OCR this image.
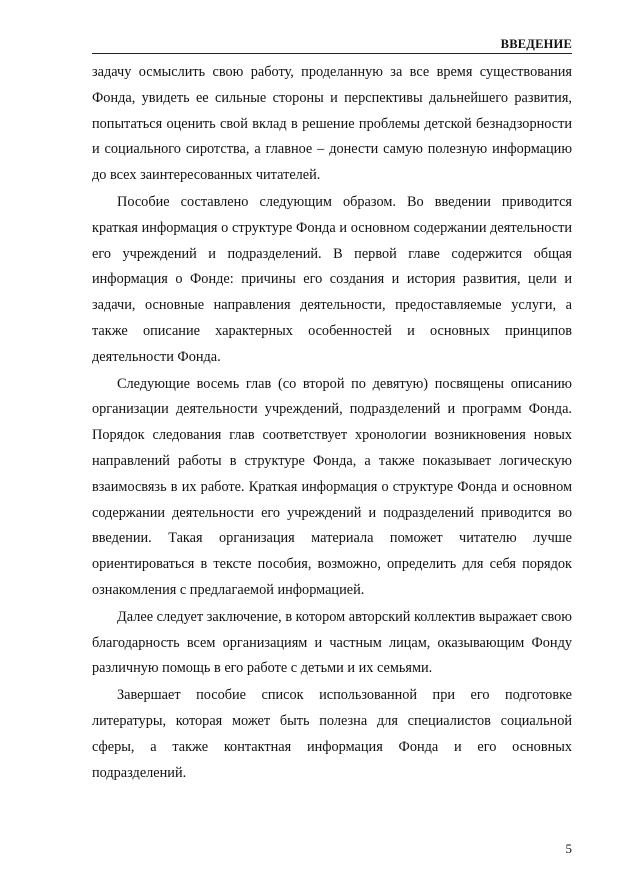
ВВЕДЕНИЕ

задачу осмыслить свою работу, проделанную за все время существования Фонда, увидеть ее сильные стороны и перспективы дальнейшего развития, попытаться оценить свой вклад в решение проблемы детской безнадзорности и социального сиротства, а главное – донести самую полезную информацию до всех заинтересованных читателей.

Пособие составлено следующим образом. Во введении приводится краткая информация о структуре Фонда и основном содержании деятельности его учреждений и подразделений. В первой главе содержится общая информация о Фонде: причины его создания и история развития, цели и задачи, основные направления деятельности, предоставляемые услуги, а также описание характерных особенностей и основных принципов деятельности Фонда.

Следующие восемь глав (со второй по девятую) посвящены описанию организации деятельности учреждений, подразделений и программ Фонда. Порядок следования глав соответствует хронологии возникновения новых направлений работы в структуре Фонда, а также показывает логическую взаимосвязь в их работе. Краткая информация о структуре Фонда и основном содержании деятельности его учреждений и подразделений приводится во введении. Такая организация материала поможет читателю лучше ориентироваться в тексте пособия, возможно, определить для себя порядок ознакомления с предлагаемой информацией.

Далее следует заключение, в котором авторский коллектив выражает свою благодарность всем организациям и частным лицам, оказывающим Фонду различную помощь в его работе с детьми и их семьями.

Завершает пособие список использованной при его подготовке литературы, которая может быть полезна для специалистов социальной сферы, а также контактная информация Фонда и его основных подразделений.

5
